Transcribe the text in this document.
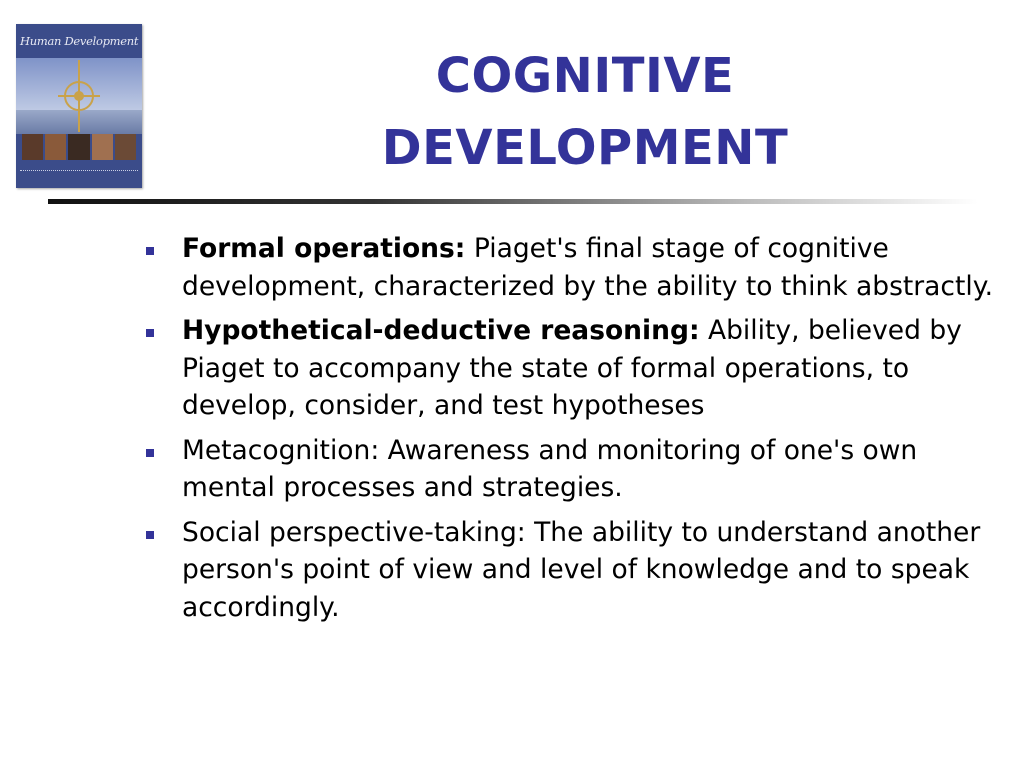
Human Development
COGNITIVE
DEVELOPMENT
Formal operations: Piaget's final stage of cognitive development, characterized by the ability to think abstractly.
Hypothetical-deductive reasoning: Ability, believed by Piaget to accompany the state of formal operations, to develop, consider, and test hypotheses
Metacognition: Awareness and monitoring of one's own mental processes and strategies.
Social perspective-taking: The ability to understand another person's point of view and level of knowledge and to speak accordingly.
